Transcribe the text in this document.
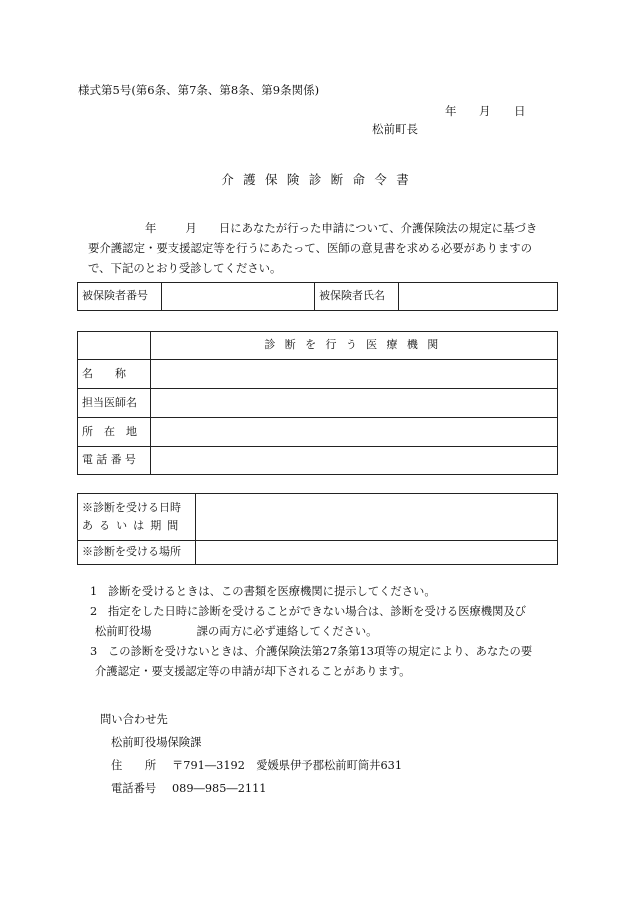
様式第5号(第6条、第7条、第8条、第9条関係)
年 月 日
松前町長
介護保険診断命令書
年	月 日にあなたが行った申請について、介護保険法の規定に基づき
要介護認定・要支援認定等を行うにあたって、医師の意見書を求める必要がありますの
で、下記のとおり受診してください。
被保険者番号		被保険者氏名	
	診断を行う医療機関
名　　称	
担当医師名	
所　在　地	
電話番号	
※診断を受ける日時
あるいは期間	

※診断を受ける場所	
1 診断を受けるときは、この書類を医療機関に提示してください。
2 指定をした日時に診断を受けることができない場合は、診断を受ける医療機関及び
松前町役場　　　　課の両方に必ず連絡してください。
3 この診断を受けないときは、介護保険法第27条第13項等の規定により、あなたの要
介護認定・要支援認定等の申請が却下されることがあります。
問い合わせ先
松前町役場保険課
住　　所 〒791―3192　愛媛県伊予郡松前町筒井631
電話番号 089―985―2111
